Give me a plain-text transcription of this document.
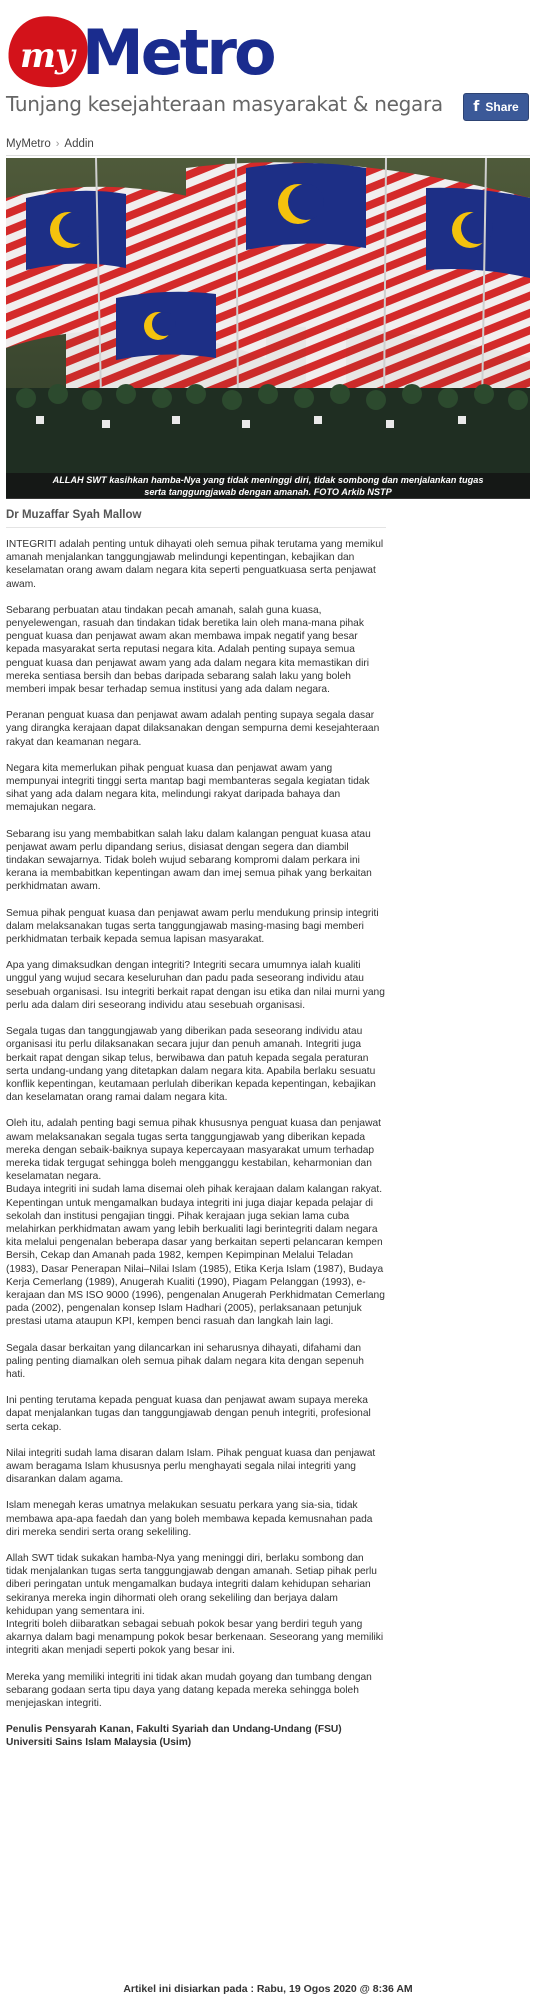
my Metro
Tunjang kesejahteraan masyarakat & negara f Share
MyMetro › Addin
ALLAH SWT kasihkan hamba-Nya yang tidak meninggi diri, tidak sombong dan menjalankan tugas serta tanggungjawab dengan amanah. FOTO Arkib NSTP
Dr Muzaffar Syah Mallow

INTEGRITI adalah penting untuk dihayati oleh semua pihak terutama yang memikul amanah menjalankan tanggungjawab melindungi kepentingan, kebajikan dan keselamatan orang awam dalam negara kita seperti penguatkuasa serta penjawat awam.

Sebarang perbuatan atau tindakan pecah amanah, salah guna kuasa, penyelewengan, rasuah dan tindakan tidak beretika lain oleh mana-mana pihak penguat kuasa dan penjawat awam akan membawa impak negatif yang besar kepada masyarakat serta reputasi negara kita. Adalah penting supaya semua penguat kuasa dan penjawat awam yang ada dalam negara kita memastikan diri mereka sentiasa bersih dan bebas daripada sebarang salah laku yang boleh memberi impak besar terhadap semua institusi yang ada dalam negara.

Peranan penguat kuasa dan penjawat awam adalah penting supaya segala dasar yang dirangka kerajaan dapat dilaksanakan dengan sempurna demi kesejahteraan rakyat dan keamanan negara.

Negara kita memerlukan pihak penguat kuasa dan penjawat awam yang mempunyai integriti tinggi serta mantap bagi membanteras segala kegiatan tidak sihat yang ada dalam negara kita, melindungi rakyat daripada bahaya dan memajukan negara.

Sebarang isu yang membabitkan salah laku dalam kalangan penguat kuasa atau penjawat awam perlu dipandang serius, disiasat dengan segera dan diambil tindakan sewajarnya. Tidak boleh wujud sebarang kompromi dalam perkara ini kerana ia membabitkan kepentingan awam dan imej semua pihak yang berkaitan perkhidmatan awam.

Semua pihak penguat kuasa dan penjawat awam perlu mendukung prinsip integriti dalam melaksanakan tugas serta tanggungjawab masing-masing bagi memberi perkhidmatan terbaik kepada semua lapisan masyarakat.

Apa yang dimaksudkan dengan integriti? Integriti secara umumnya ialah kualiti unggul yang wujud secara keseluruhan dan padu pada seseorang individu atau sesebuah organisasi. Isu integriti berkait rapat dengan isu etika dan nilai murni yang perlu ada dalam diri seseorang individu atau sesebuah organisasi.

Segala tugas dan tanggungjawab yang diberikan pada seseorang individu atau organisasi itu perlu dilaksanakan secara jujur dan penuh amanah. Integriti juga berkait rapat dengan sikap telus, berwibawa dan patuh kepada segala peraturan serta undang-undang yang ditetapkan dalam negara kita. Apabila berlaku sesuatu konflik kepentingan, keutamaan perlulah diberikan kepada kepentingan, kebajikan dan keselamatan orang ramai dalam negara kita.

Oleh itu, adalah penting bagi semua pihak khususnya penguat kuasa dan penjawat awam melaksanakan segala tugas serta tanggungjawab yang diberikan kepada mereka dengan sebaik-baiknya supaya kepercayaan masyarakat umum terhadap mereka tidak tergugat sehingga boleh mengganggu kestabilan, keharmonian dan keselamatan negara.

Budaya integriti ini sudah lama disemai oleh pihak kerajaan dalam kalangan rakyat. Kepentingan untuk mengamalkan budaya integriti ini juga diajar kepada pelajar di sekolah dan institusi pengajian tinggi. Pihak kerajaan juga sekian lama cuba melahirkan perkhidmatan awam yang lebih berkualiti lagi berintegriti dalam negara kita melalui pengenalan beberapa dasar yang berkaitan seperti pelancaran kempen Bersih, Cekap dan Amanah pada 1982, kempen Kepimpinan Melalui Teladan (1983), Dasar Penerapan Nilai–Nilai Islam (1985), Etika Kerja Islam (1987), Budaya Kerja Cemerlang (1989), Anugerah Kualiti (1990), Piagam Pelanggan (1993), e-kerajaan dan MS ISO 9000 (1996), pengenalan Anugerah Perkhidmatan Cemerlang pada (2002), pengenalan konsep Islam Hadhari (2005), perlaksanaan petunjuk prestasi utama ataupun KPI, kempen benci rasuah dan langkah lain lagi.

Segala dasar berkaitan yang dilancarkan ini seharusnya dihayati, difahami dan paling penting diamalkan oleh semua pihak dalam negara kita dengan sepenuh hati.

Ini penting terutama kepada penguat kuasa dan penjawat awam supaya mereka dapat menjalankan tugas dan tanggungjawab dengan penuh integriti, profesional serta cekap.

Nilai integriti sudah lama disaran dalam Islam. Pihak penguat kuasa dan penjawat awam beragama Islam khususnya perlu menghayati segala nilai integriti yang disarankan dalam agama.

Islam menegah keras umatnya melakukan sesuatu perkara yang sia-sia, tidak membawa apa-apa faedah dan yang boleh membawa kepada kemusnahan pada diri mereka sendiri serta orang sekeliling.

Allah SWT tidak sukakan hamba-Nya yang meninggi diri, berlaku sombong dan tidak menjalankan tugas serta tanggungjawab dengan amanah. Setiap pihak perlu diberi peringatan untuk mengamalkan budaya integriti dalam kehidupan seharian sekiranya mereka ingin dihormati oleh orang sekeliling dan berjaya dalam kehidupan yang sementara ini.

Integriti boleh diibaratkan sebagai sebuah pokok besar yang berdiri teguh yang akarnya dalam bagi menampung pokok besar berkenaan. Seseorang yang memiliki integriti akan menjadi seperti pokok yang besar ini.

Mereka yang memiliki integriti ini tidak akan mudah goyang dan tumbang dengan sebarang godaan serta tipu daya yang datang kepada mereka sehingga boleh menjejaskan integriti.

Penulis Pensyarah Kanan, Fakulti Syariah dan Undang-Undang (FSU) Universiti Sains Islam Malaysia (Usim)

Artikel ini disiarkan pada : Rabu, 19 Ogos 2020 @ 8:36 AM
